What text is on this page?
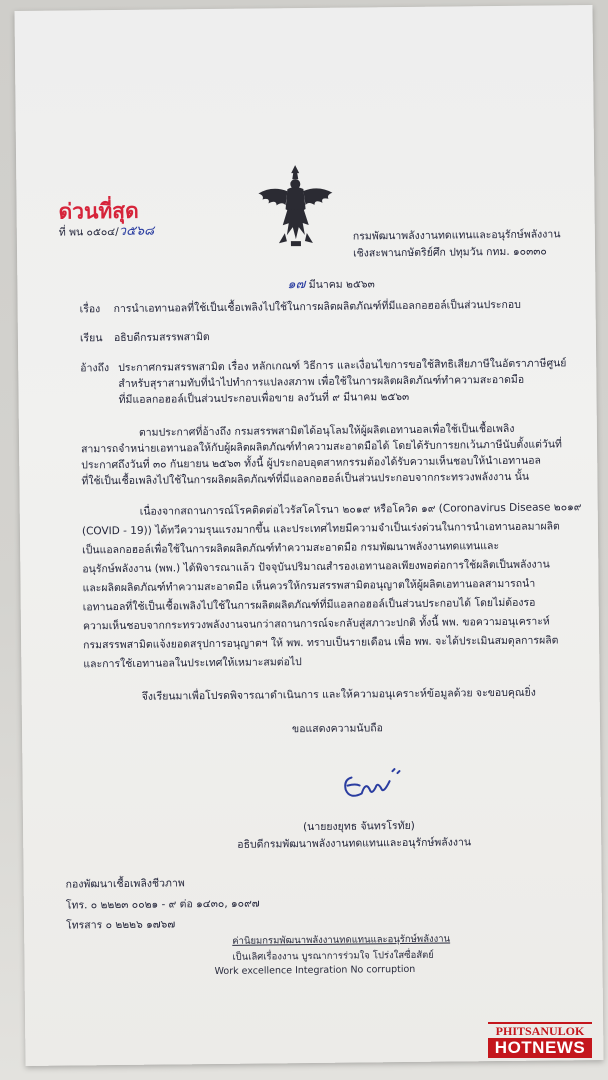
ด่วนที่สุด
ที่ พน ๐๕๐๔/ว๕๖๘	กรมพัฒนาพลังงานทดแทนและอนุรักษ์พลังงาน
เชิงสะพานกษัตริย์ศึก ปทุมวัน กทม. ๑๐๓๓๐
๑๗ มีนาคม ๒๕๖๓
เรื่อง การนำเอทานอลที่ใช้เป็นเชื้อเพลิงไปใช้ในการผลิตผลิตภัณฑ์ที่มีแอลกอฮอล์เป็นส่วนประกอบ
เรียน อธิบดีกรมสรรพสามิต
อ้างถึง ประกาศกรมสรรพสามิต เรื่อง หลักเกณฑ์ วิธีการ และเงื่อนไขการขอใช้สิทธิเสียภาษีในอัตราภาษีศูนย์
สำหรับสุราสามทับที่นำไปทำการแปลงสภาพ เพื่อใช้ในการผลิตผลิตภัณฑ์ทำความสะอาดมือ
ที่มีแอลกอฮอล์เป็นส่วนประกอบเพื่อขาย ลงวันที่ ๙ มีนาคม ๒๕๖๓
ตามประกาศที่อ้างถึง กรมสรรพสามิตได้อนุโลมให้ผู้ผลิตเอทานอลเพื่อใช้เป็นเชื้อเพลิง
สามารถจำหน่ายเอทานอลให้กับผู้ผลิตผลิตภัณฑ์ทำความสะอาดมือได้ โดยได้รับการยกเว้นภาษีนับตั้งแต่วันที่
ประกาศถึงวันที่ ๓๐ กันยายน ๒๕๖๓ ทั้งนี้ ผู้ประกอบอุตสาหกรรมต้องได้รับความเห็นชอบให้นำเอทานอล
ที่ใช้เป็นเชื้อเพลิงไปใช้ในการผลิตผลิตภัณฑ์ที่มีแอลกอฮอล์เป็นส่วนประกอบจากกระทรวงพลังงาน นั้น
เนื่องจากสถานการณ์โรคติดต่อไวรัสโคโรนา ๒๐๑๙ หรือโควิด ๑๙ (Coronavirus Disease ๒๐๑๙
(COVID - 19)) ได้ทวีความรุนแรงมากขึ้น และประเทศไทยมีความจำเป็นเร่งด่วนในการนำเอทานอลมาผลิต
เป็นแอลกอฮอล์เพื่อใช้ในการผลิตผลิตภัณฑ์ทำความสะอาดมือ กรมพัฒนาพลังงานทดแทนและ
อนุรักษ์พลังงาน (พพ.) ได้พิจารณาแล้ว ปัจจุบันปริมาณสำรองเอทานอลเพียงพอต่อการใช้ผลิตเป็นพลังงาน
และผลิตผลิตภัณฑ์ทำความสะอาดมือ เห็นควรให้กรมสรรพสามิตอนุญาตให้ผู้ผลิตเอทานอลสามารถนำ
เอทานอลที่ใช้เป็นเชื้อเพลิงไปใช้ในการผลิตผลิตภัณฑ์ที่มีแอลกอฮอล์เป็นส่วนประกอบได้ โดยไม่ต้องรอ
ความเห็นชอบจากกระทรวงพลังงานจนกว่าสถานการณ์จะกลับสู่สภาวะปกติ ทั้งนี้ พพ. ขอความอนุเคราะห์
กรมสรรพสามิตแจ้งยอดสรุปการอนุญาตฯ ให้ พพ. ทราบเป็นรายเดือน เพื่อ พพ. จะได้ประเมินสมดุลการผลิต
และการใช้เอทานอลในประเทศให้เหมาะสมต่อไป
จึงเรียนมาเพื่อโปรดพิจารณาดำเนินการ และให้ความอนุเคราะห์ข้อมูลด้วย จะขอบคุณยิ่ง
ขอแสดงความนับถือ
(นายยงยุทธ จันทรโรทัย)
อธิบดีกรมพัฒนาพลังงานทดแทนและอนุรักษ์พลังงาน
กองพัฒนาเชื้อเพลิงชีวภาพ
โทร. ๐ ๒๒๒๓ ๐๐๒๑ - ๙ ต่อ ๑๔๓๐, ๑๐๙๗
โทรสาร ๐ ๒๒๒๖ ๑๗๖๗
ค่านิยมกรมพัฒนาพลังงานทดแทนและอนุรักษ์พลังงาน
เป็นเลิศเรื่องงาน บูรณาการร่วมใจ โปร่งใสซื่อสัตย์
Work excellence Integration No corruption
PHITSANULOK
HOTNEWS
